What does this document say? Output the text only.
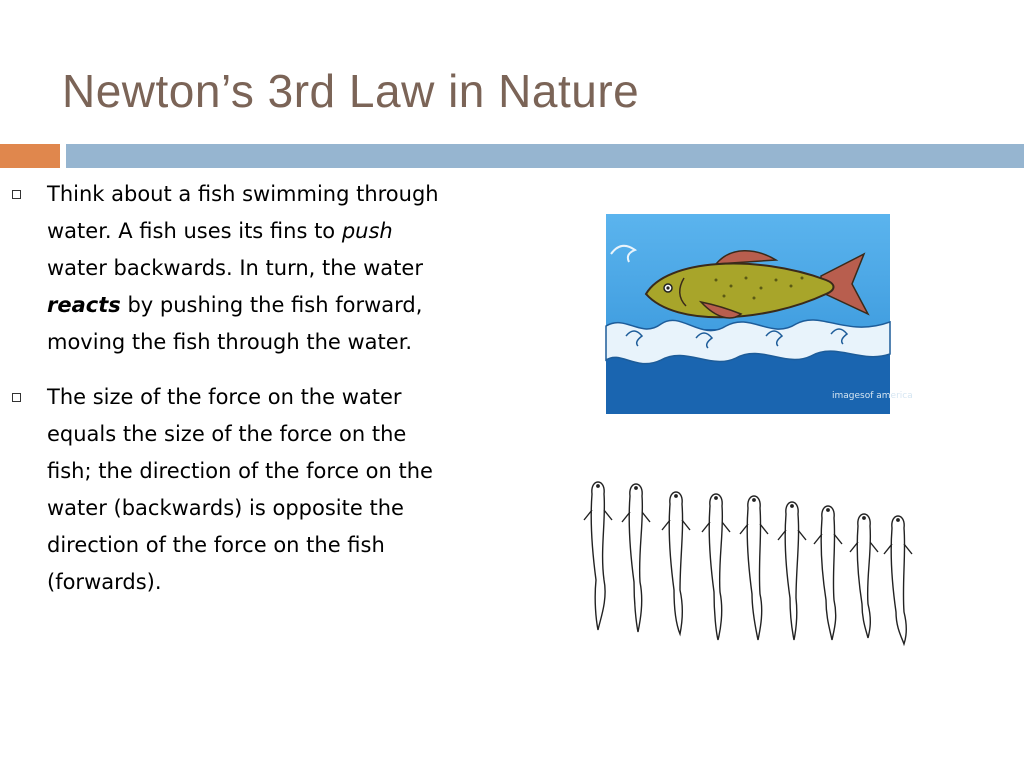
Newton’s 3rd Law in Nature
Think about a fish swimming through water. A fish uses its fins to push water backwards. In turn, the water reacts by pushing the fish forward, moving the fish through the water.
The size of the force on the water equals the size of the force on the fish; the direction of the force on the water (backwards) is opposite the direction of the force on the fish (forwards).
imagesof america
